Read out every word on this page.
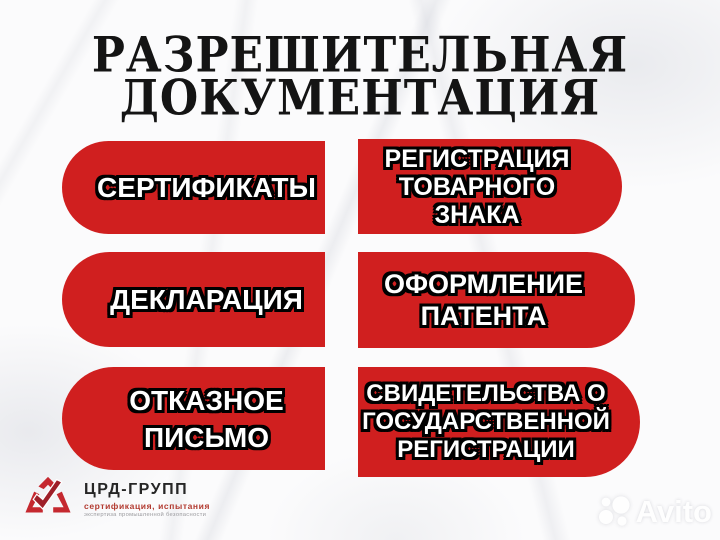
РАЗРЕШИТЕЛЬНАЯ
ДОКУМЕНТАЦИЯ
СЕРТИФИКАТЫ
ДЕКЛАРАЦИЯ
ОТКАЗНОЕ
ПИСЬМО
РЕГИСТРАЦИЯ
ТОВАРНОГО
ЗНАКА
ОФОРМЛЕНИЕ
ПАТЕНТА
СВИДЕТЕЛЬСТВА О
ГОСУДАРСТВЕННОЙ
РЕГИСТРАЦИИ
ЦРД-ГРУПП
сертификация, испытания
экспертиза промышленной безопасности	Avito
